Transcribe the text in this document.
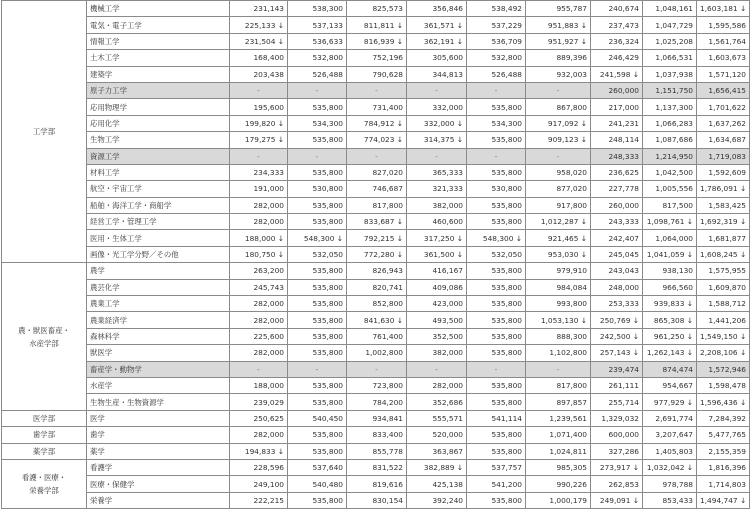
工学部	機械工学	231,143	538,300	825,573	356,846	538,492	955,787	240,674	1,048,161	1,603,181 ↓
	電気・電子工学	225,133 ↓	537,133	811,811 ↓	361,571 ↓	537,229	951,883 ↓	237,473	1,047,729	1,595,586
	情報工学	231,504 ↓	536,633	816,939 ↓	362,191 ↓	536,709	951,927 ↓	236,324	1,025,208	1,561,764
	土木工学	168,400	532,800	752,196	305,600	532,800	889,396	246,429	1,066,531	1,603,673
	建築学	203,438	526,488	790,628	344,813	526,488	932,003	241,598 ↓	1,037,938	1,571,120
	原子力工学	-	-	-	-	-	-	260,000	1,151,750	1,656,415
	応用物理学	195,600	535,800	731,400	332,000	535,800	867,800	217,000	1,137,300	1,701,622
	応用化学	199,820 ↓	534,300	784,912 ↓	332,000 ↓	534,300	917,092 ↓	241,231	1,066,283	1,637,262
	生物工学	179,275 ↓	535,800	774,023 ↓	314,375 ↓	535,800	909,123 ↓	248,114	1,087,686	1,634,687
	資源工学	-	-	-	-	-	-	248,333	1,214,950	1,719,083
	材料工学	234,333	535,800	827,020	365,333	535,800	958,020	236,625	1,042,500	1,592,609
	航空・宇宙工学	191,000	530,800	746,687	321,333	530,800	877,020	227,778	1,005,556	1,786,091 ↓
	船舶・海洋工学・商船学	282,000	535,800	817,800	382,000	535,800	917,800	260,000	817,500	1,583,425
	経営工学・管理工学	282,000	535,800	833,687 ↓	460,600	535,800	1,012,287 ↓	243,333	1,098,761 ↓	1,692,319 ↓
	医用・生体工学	188,000 ↓	548,300 ↓	792,215 ↓	317,250 ↓	548,300 ↓	921,465 ↓	242,407	1,064,000	1,681,877
	画像・光工学分野／その他	180,750 ↓	532,050	772,280 ↓	361,500 ↓	532,050	953,030 ↓	245,045	1,041,059 ↓	1,608,245 ↓
農・獣医畜産・
水産学部	農学	263,200	535,800	826,943	416,167	535,800	979,910	243,043	938,130	1,575,955
	農芸化学	245,743	535,800	820,741	409,086	535,800	984,084	248,000	966,560	1,609,870
	農業工学	282,000	535,800	852,800	423,000	535,800	993,800	253,333	939,833 ↓	1,588,712
	農業経済学	282,000	535,800	841,630 ↓	493,500	535,800	1,053,130 ↓	250,769 ↓	865,308 ↓	1,441,206
	森林科学	225,600	535,800	761,400	352,500	535,800	888,300	242,500 ↓	961,250 ↓	1,549,150 ↓
	獣医学	282,000	535,800	1,002,800	382,000	535,800	1,102,800	257,143 ↓	1,262,143 ↓	2,208,106 ↓
	畜産学・動物学	-	-	-	-	-	-	239,474	874,474	1,572,946
	水産学	188,000	535,800	723,800	282,000	535,800	817,800	261,111	954,667	1,598,478
	生物生産・生物資源学	239,029	535,800	784,200	352,686	535,800	897,857	255,714	977,929 ↓	1,596,436 ↓
医学部	医学	250,625	540,450	934,841	555,571	541,114	1,239,561	1,329,032	2,691,774	7,284,392
歯学部	歯学	282,000	535,800	833,400	520,000	535,800	1,071,400	600,000	3,207,647	5,477,765
薬学部	薬学	194,833 ↓	535,800	855,778	363,867	535,800	1,024,811	327,286	1,405,803	2,155,359
看護・医療・
栄養学部	看護学	228,596	537,640	831,522	382,889 ↓	537,757	985,305	273,917 ↓	1,032,042 ↓	1,816,396
	医療・保健学	249,100	540,480	819,616	425,138	541,200	990,226	262,853	978,788	1,714,803
	栄養学	222,215	535,800	830,154	392,240	535,800	1,000,179	249,091 ↓	853,433	1,494,747 ↓
